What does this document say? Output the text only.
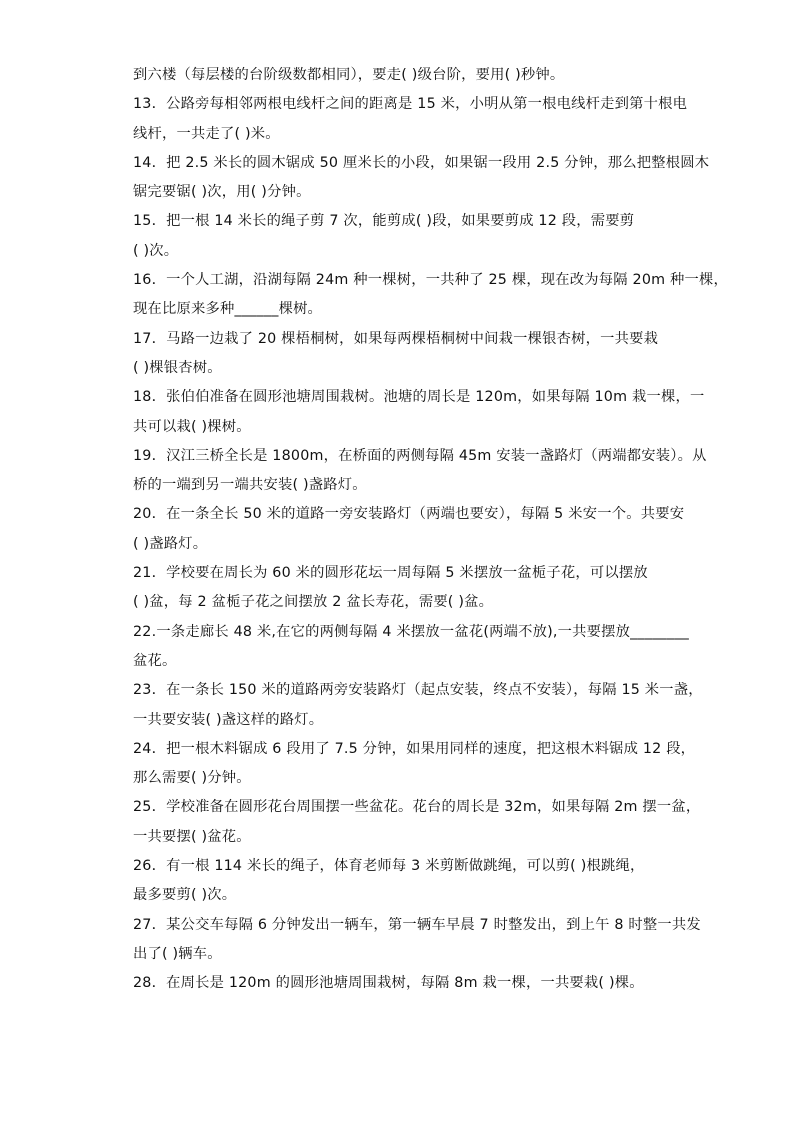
到六楼（每层楼的台阶级数都相同），要走( )级台阶，要用( )秒钟。
13．公路旁每相邻两根电线杆之间的距离是 15 米，小明从第一根电线杆走到第十根电
线杆，一共走了( )米。
14．把 2.5 米长的圆木锯成 50 厘米长的小段，如果锯一段用 2.5 分钟，那么把整根圆木
锯完要锯( )次，用( )分钟。
15．把一根 14 米长的绳子剪 7 次，能剪成( )段，如果要剪成 12 段，需要剪
( )次。
16．一个人工湖，沿湖每隔 24m 种一棵树，一共种了 25 棵，现在改为每隔 20m 种一棵，
现在比原来多种______棵树。
17．马路一边栽了 20 棵梧桐树，如果每两棵梧桐树中间栽一棵银杏树，一共要栽
( )棵银杏树。
18．张伯伯准备在圆形池塘周围栽树。池塘的周长是 120m，如果每隔 10m 栽一棵，一
共可以栽( )棵树。
19．汉江三桥全长是 1800m，在桥面的两侧每隔 45m 安装一盏路灯（两端都安装）。从
桥的一端到另一端共安装( )盏路灯。
20．在一条全长 50 米的道路一旁安装路灯（两端也要安），每隔 5 米安一个。共要安
( )盏路灯。
21．学校要在周长为 60 米的圆形花坛一周每隔 5 米摆放一盆栀子花，可以摆放
( )盆，每 2 盆栀子花之间摆放 2 盆长寿花，需要( )盆。
22.一条走廊长 48 米,在它的两侧每隔 4 米摆放一盆花(两端不放),一共要摆放________
盆花。
23．在一条长 150 米的道路两旁安装路灯（起点安装，终点不安装），每隔 15 米一盏，
一共要安装( )盏这样的路灯。
24．把一根木料锯成 6 段用了 7.5 分钟，如果用同样的速度，把这根木料锯成 12 段，
那么需要( )分钟。
25．学校准备在圆形花台周围摆一些盆花。花台的周长是 32m，如果每隔 2m 摆一盆，
一共要摆( )盆花。
26．有一根 114 米长的绳子，体育老师每 3 米剪断做跳绳，可以剪( )根跳绳，
最多要剪( )次。
27．某公交车每隔 6 分钟发出一辆车，第一辆车早晨 7 时整发出，到上午 8 时整一共发
出了( )辆车。
28．在周长是 120m 的圆形池塘周围栽树，每隔 8m 栽一棵，一共要栽( )棵。
